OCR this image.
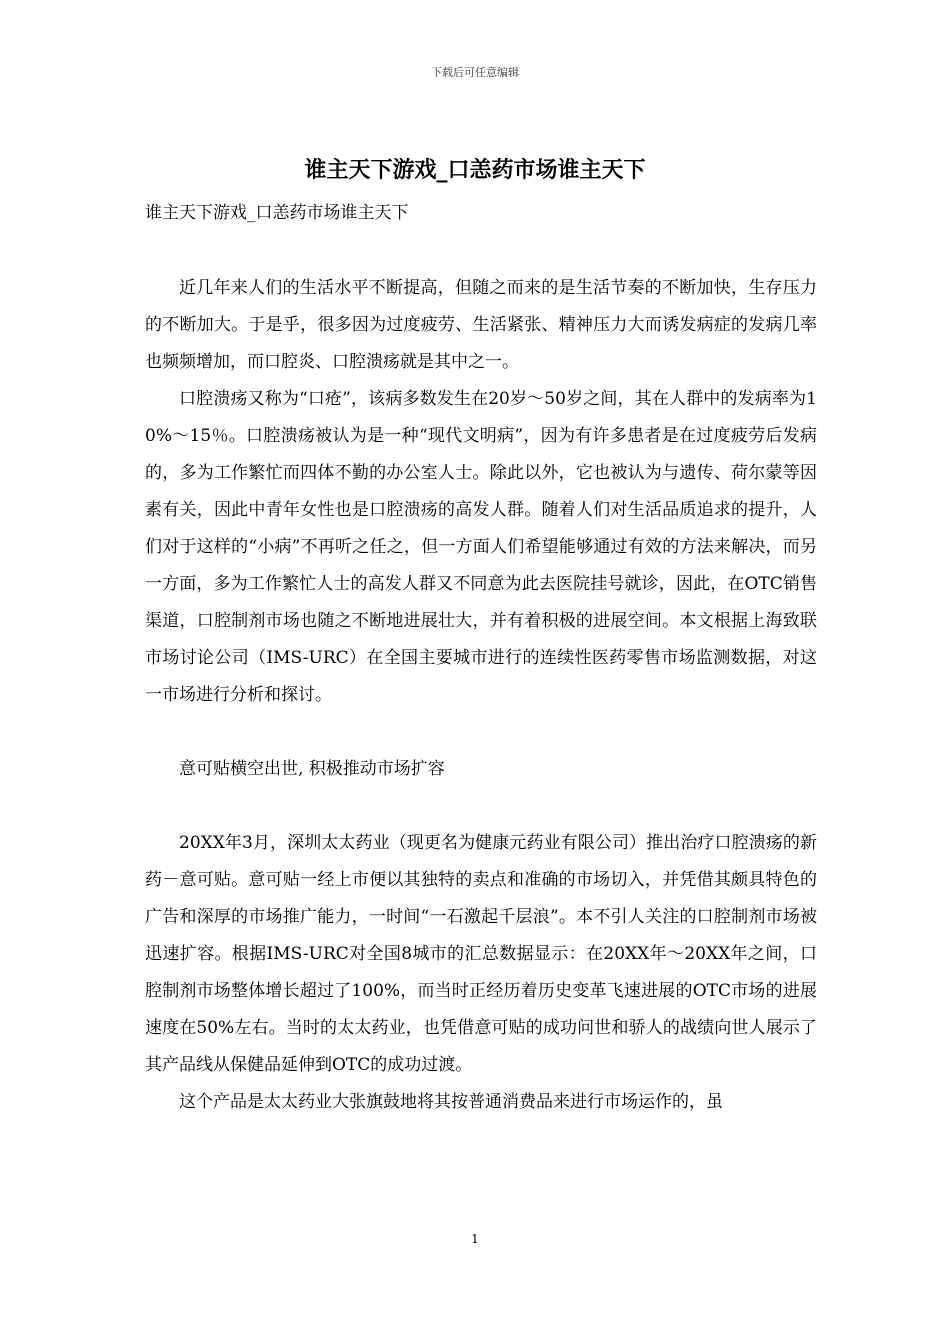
下载后可任意编辑
谁主天下游戏_口恙药市场谁主天下

谁主天下游戏_口恙药市场谁主天下

近几年来人们的生活水平不断提高，但随之而来的是生活节奏的不断加快，生存压力的不断加大。于是乎，很多因为过度疲劳、生活紧张、精神压力大而诱发病症的发病几率也频频增加，而口腔炎、口腔溃疡就是其中之一。

口腔溃疡又称为“口疮”，该病多数发生在20岁～50岁之间，其在人群中的发病率为10%～15％。口腔溃疡被认为是一种“现代文明病”，因为有许多患者是在过度疲劳后发病的，多为工作繁忙而四体不勤的办公室人士。除此以外，它也被认为与遗传、荷尔蒙等因素有关，因此中青年女性也是口腔溃疡的高发人群。随着人们对生活品质追求的提升，人们对于这样的“小病”不再听之任之，但一方面人们希望能够通过有效的方法来解决，而另一方面，多为工作繁忙人士的高发人群又不同意为此去医院挂号就诊，因此，在OTC销售渠道，口腔制剂市场也随之不断地进展壮大，并有着积极的进展空间。本文根据上海致联市场讨论公司（IMS-URC）在全国主要城市进行的连续性医药零售市场监测数据，对这一市场进行分析和探讨。

意可贴横空出世, 积极推动市场扩容

20XX年3月，深圳太太药业（现更名为健康元药业有限公司）推出治疗口腔溃疡的新药－意可贴。意可贴一经上市便以其独特的卖点和准确的市场切入，并凭借其颇具特色的广告和深厚的市场推广能力，一时间“一石激起千层浪”。本不引人关注的口腔制剂市场被迅速扩容。根据IMS-URC对全国8城市的汇总数据显示：在20XX年～20XX年之间，口腔制剂市场整体增长超过了100%，而当时正经历着历史变革飞速进展的OTC市场的进展速度在50%左右。当时的太太药业，也凭借意可贴的成功问世和骄人的战绩向世人展示了其产品线从保健品延伸到OTC的成功过渡。

这个产品是太太药业大张旗鼓地将其按普通消费品来进行市场运作的，虽

1
